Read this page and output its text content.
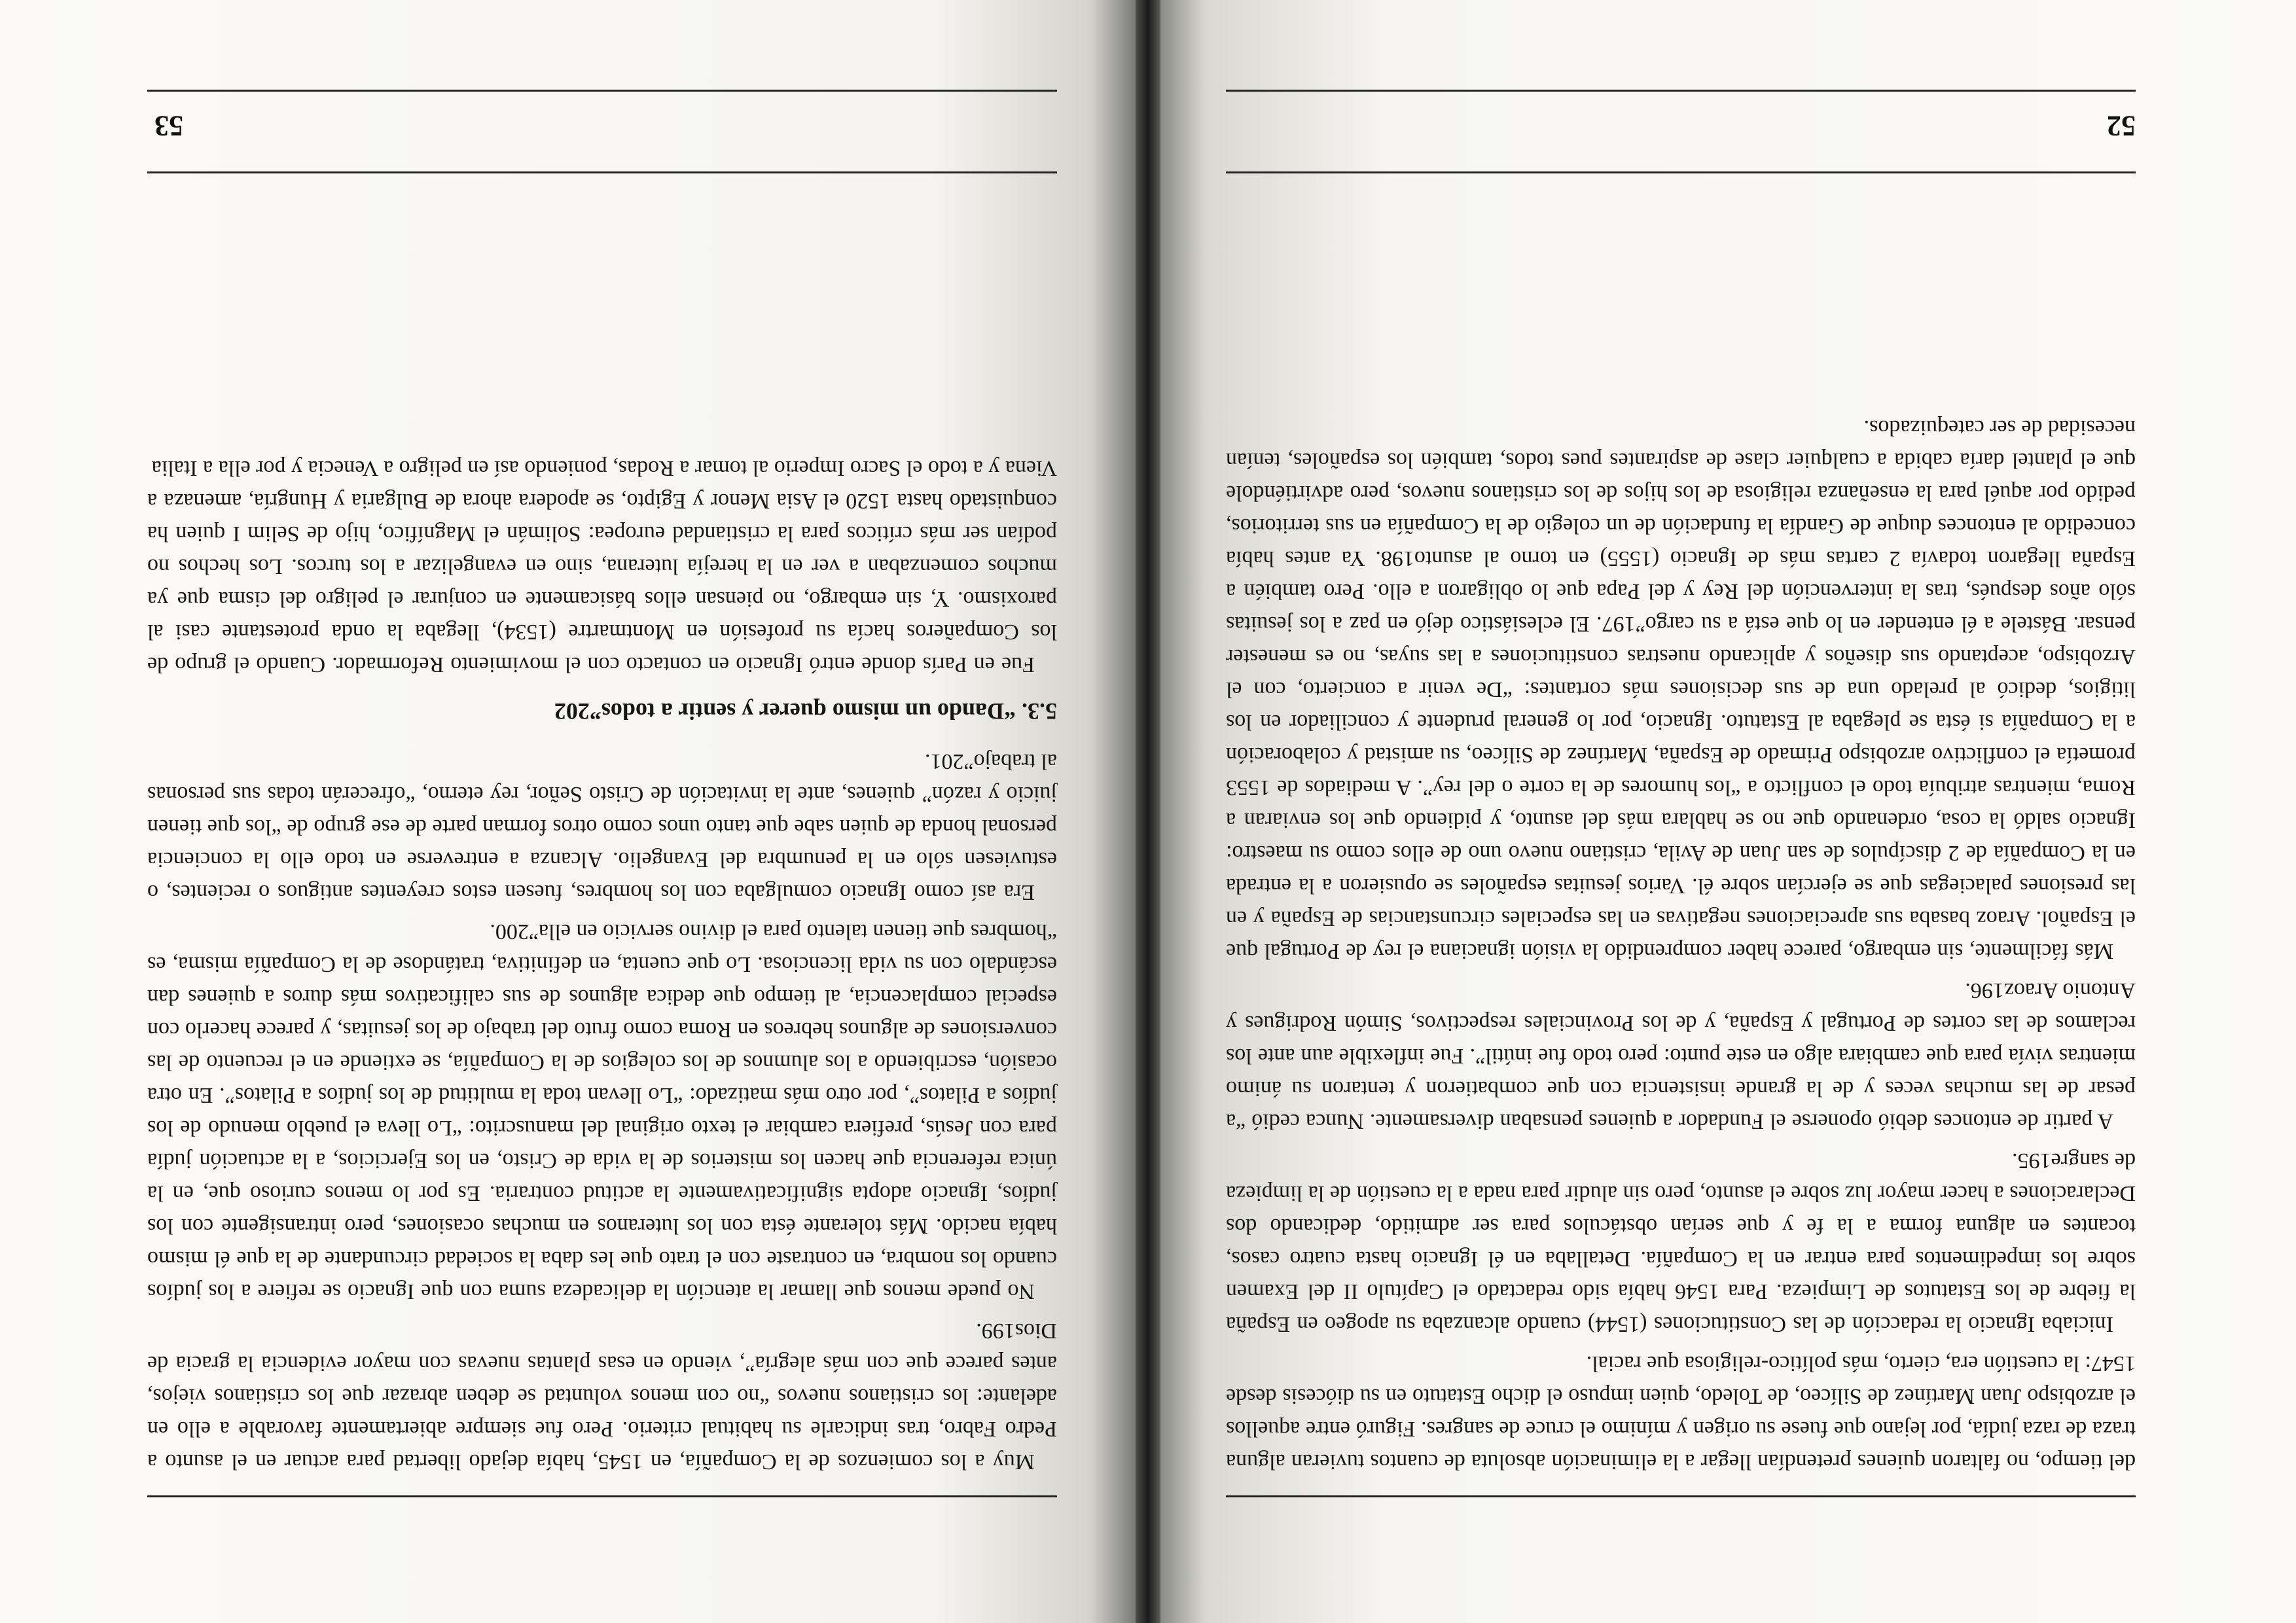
del tiempo, no faltaron quienes pretendían llegar a la eliminación absoluta de cuantos tuvieran alguna traza de raza judía, por lejano que fuese su origen y mínimo el cruce de sangres. Figuró entre aquellos el arzobispo Juan Martínez de Silíceo, de Toledo, quien impuso el dicho Estatuto en su diócesis desde 1547: la cuestión era, cierto, más político-religiosa que racial.

Iniciaba Ignacio la redacción de las Constituciones (1544) cuando alcanzaba su apogeo en España la fiebre de los Estatutos de Limpieza. Para 1546 había sido redactado el Capítulo II del Examen sobre los impedimentos para entrar en la Compañía. Detallaba en él Ignacio hasta cuatro casos, tocantes en alguna forma a la fe y que serían obstáculos para ser admitido, dedicando dos Declaraciones a hacer mayor luz sobre el asunto, pero sin aludir para nada a la cuestión de la limpieza de sangre195.

A partir de entonces debió oponerse el Fundador a quienes pensaban diversamente. Nunca cedió “a pesar de las muchas veces y de la grande insistencia con que combatieron y tentaron su ánimo mientras vivía para que cambiara algo en este punto: pero todo fue inútil”. Fue inflexible aun ante los reclamos de las cortes de Portugal y España, y de los Provinciales respectivos, Simón Rodrigues y Antonio Araoz196.

Más fácilmente, sin embargo, parece haber comprendido la visión ignaciana el rey de Portugal que el Español. Araoz basaba sus apreciaciones negativas en las especiales circunstancias de España y en las presiones palaciegas que se ejercían sobre él. Varios jesuitas españoles se opusieron a la entrada en la Compañía de 2 discípulos de san Juan de Avila, cristiano nuevo uno de ellos como su maestro: Ignacio saldó la cosa, ordenando que no se hablara más del asunto, y pidiendo que los enviaran a Roma, mientras atribuía todo el conflicto a “los humores de la corte o del rey”. A mediados de 1553 prometía el conflictivo arzobispo Primado de España, Martínez de Silíceo, su amistad y colaboración a la Compañía si ésta se plegaba al Estatuto. Ignacio, por lo general prudente y conciliador en los litigios, dedicó al prelado una de sus decisiones más cortantes: “De venir a concierto, con el Arzobispo, aceptando sus diseños y aplicando nuestras constituciones a las suyas, no es menester pensar. Bástele a él entender en lo que está a su cargo”197. El eclesiástico dejó en paz a los jesuitas sólo años después, tras la intervención del Rey y del Papa que lo obligaron a ello. Pero también a España llegaron todavía 2 cartas más de Ignacio (1555) en torno al asunto198. Ya antes había concedido al entonces duque de Gandía la fundación de un colegio de la Compañía en sus territorios, pedido por aquél para la enseñanza religiosa de los hijos de los cristianos nuevos, pero advirtiéndole que el plantel daría cabida a cualquier clase de aspirantes pues todos, también los españoles, tenían necesidad de ser catequizados.

52

Muy a los comienzos de la Compañía, en 1545, había dejado libertad para actuar en el asunto a Pedro Fabro, tras indicarle su habitual criterio. Pero fue siempre abiertamente favorable a ello en adelante: los cristianos nuevos “no con menos voluntad se deben abrazar que los cristianos viejos, antes parece que con más alegría”, viendo en esas plantas nuevas con mayor evidencia la gracia de Dios199.

No puede menos que llamar la atención la delicadeza suma con que Ignacio se refiere a los judíos cuando los nombra, en contraste con el trato que les daba la sociedad circundante de la que él mismo había nacido. Más tolerante ésta con los luteranos en muchas ocasiones, pero intransigente con los judíos, Ignacio adopta significativamente la actitud contraria. Es por lo menos curioso que, en la única referencia que hacen los misterios de la vida de Cristo, en los Ejercicios, a la actuación judía para con Jesús, prefiera cambiar el texto original del manuscrito: “Lo lleva el pueblo menudo de los judíos a Pilatos”, por otro más matizado: “Lo llevan toda la multitud de los judíos a Pilatos”. En otra ocasión, escribiendo a los alumnos de los colegios de la Compañía, se extiende en el recuento de las conversiones de algunos hebreos en Roma como fruto del trabajo de los jesuitas, y parece hacerlo con especial complacencia, al tiempo que dedica algunos de sus calificativos más duros a quienes dan escándalo con su vida licenciosa. Lo que cuenta, en definitiva, tratándose de la Compañía misma, es “hombres que tienen talento para el divino servicio en ella”200.

Era así como Ignacio comulgaba con los hombres, fuesen estos creyentes antiguos o recientes, o estuviesen sólo en la penumbra del Evangelio. Alcanza a entreverse en todo ello la conciencia personal honda de quien sabe que tanto unos como otros forman parte de ese grupo de “los que tienen juicio y razón” quienes, ante la invitación de Cristo Señor, rey eterno, “ofrecerán todas sus personas al trabajo”201.

5.3. “Dando un mismo querer y sentir a todos”202

Fue en París donde entró Ignacio en contacto con el movimiento Reformador. Cuando el grupo de los Compañeros hacía su profesión en Montmartre (1534), llegaba la onda protestante casi al paroxismo. Y, sin embargo, no piensan ellos básicamente en conjurar el peligro del cisma que ya muchos comenzaban a ver en la herejía luterana, sino en evangelizar a los turcos. Los hechos no podían ser más críticos para la cristiandad europea: Solimán el Magnífico, hijo de Selim I quien ha conquistado hasta 1520 el Asia Menor y Egipto, se apodera ahora de Bulgaria y Hungría, amenaza a Viena y a todo el Sacro Imperio al tomar a Rodas, poniendo así en peligro a Venecia y por ella a Italia

53
